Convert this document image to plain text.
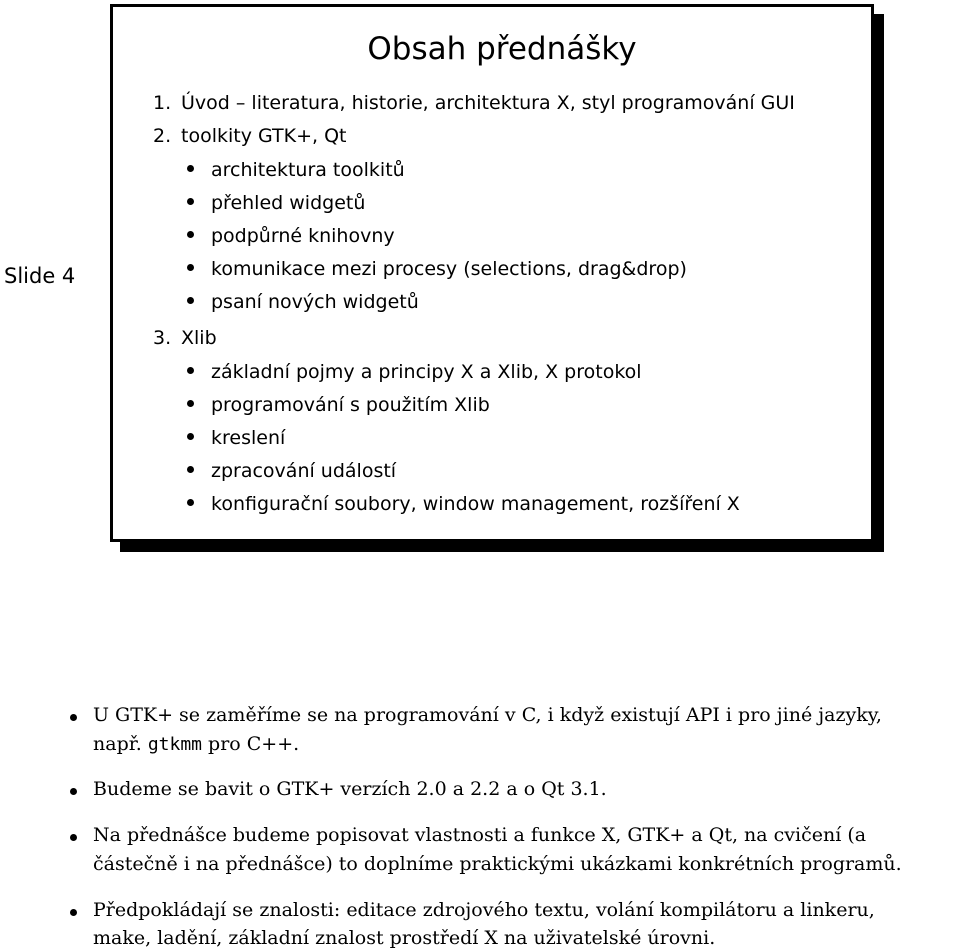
Slide 4
Obsah přednášky
1. Úvod – literatura, historie, architektura X, styl programování GUI
2. toolkity GTK+, Qt
architektura toolkitů
přehled widgetů
podpůrné knihovny
komunikace mezi procesy (selections, drag&drop)
psaní nových widgetů
3. Xlib
základní pojmy a principy X a Xlib, X protokol
programování s použitím Xlib
kreslení
zpracování událostí
konfigurační soubory, window management, rozšíření X
U GTK+ se zaměříme se na programování v C, i když existují API i pro jiné jazyky,
např. gtkmm pro C++.
Budeme se bavit o GTK+ verzích 2.0 a 2.2 a o Qt 3.1.
Na přednášce budeme popisovat vlastnosti a funkce X, GTK+ a Qt, na cvičení (a
částečně i na přednášce) to doplníme praktickými ukázkami konkrétních programů.
Předpokládají se znalosti: editace zdrojového textu, volání kompilátoru a linkeru,
make, ladění, základní znalost prostředí X na uživatelské úrovni.
